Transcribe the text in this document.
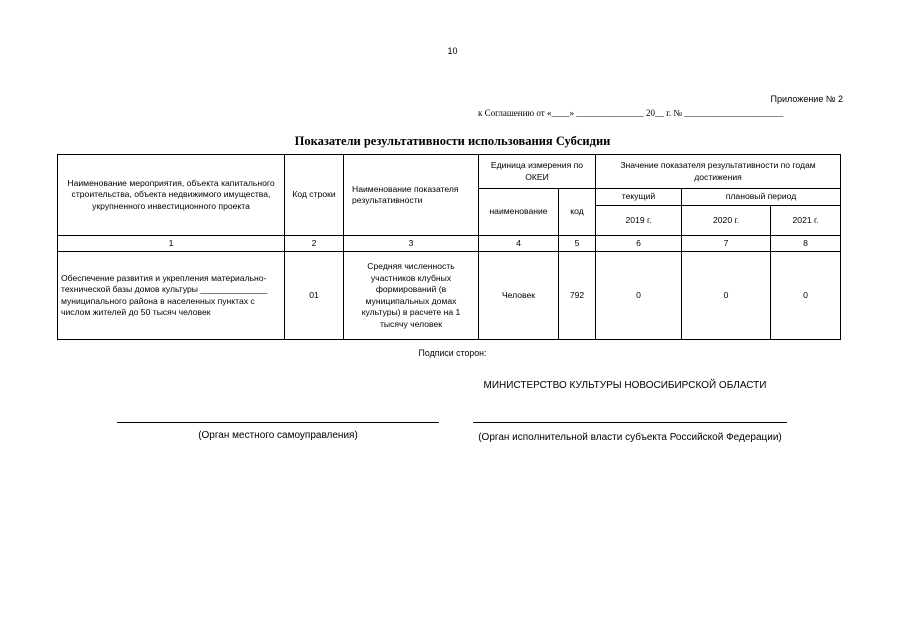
10
Приложение № 2
к Соглашению от «____» _______________ 20__ г. № ______________________
Показатели результативности использования Субсидии
Наименование мероприятия, объекта капитального строительства, объекта недвижимого имущества, укрупненного инвестиционного проекта	Код строки	Наименование показателя результативности	Единица измерения по ОКЕИ		Значение показателя результативности по годам достижения		
			наименование	код	текущий	плановый период	
					2019 г.	2020 г.	2021 г.
1	2	3	4	5	6	7	8
Обеспечение развития и укрепления материально-технической базы домов культуры ______________ муниципального района в населенных пунктах с числом жителей до 50 тысяч человек	01	Средняя численность участников клубных формирований (в муниципальных домах культуры) в расчете на 1 тысячу человек	Человек	792	0	0	0
Подписи сторон:
МИНИСТЕРСТВО КУЛЬТУРЫ НОВОСИБИРСКОЙ ОБЛАСТИ
(Орган местного самоуправления)	(Орган исполнительной власти субъекта Российской Федерации)
